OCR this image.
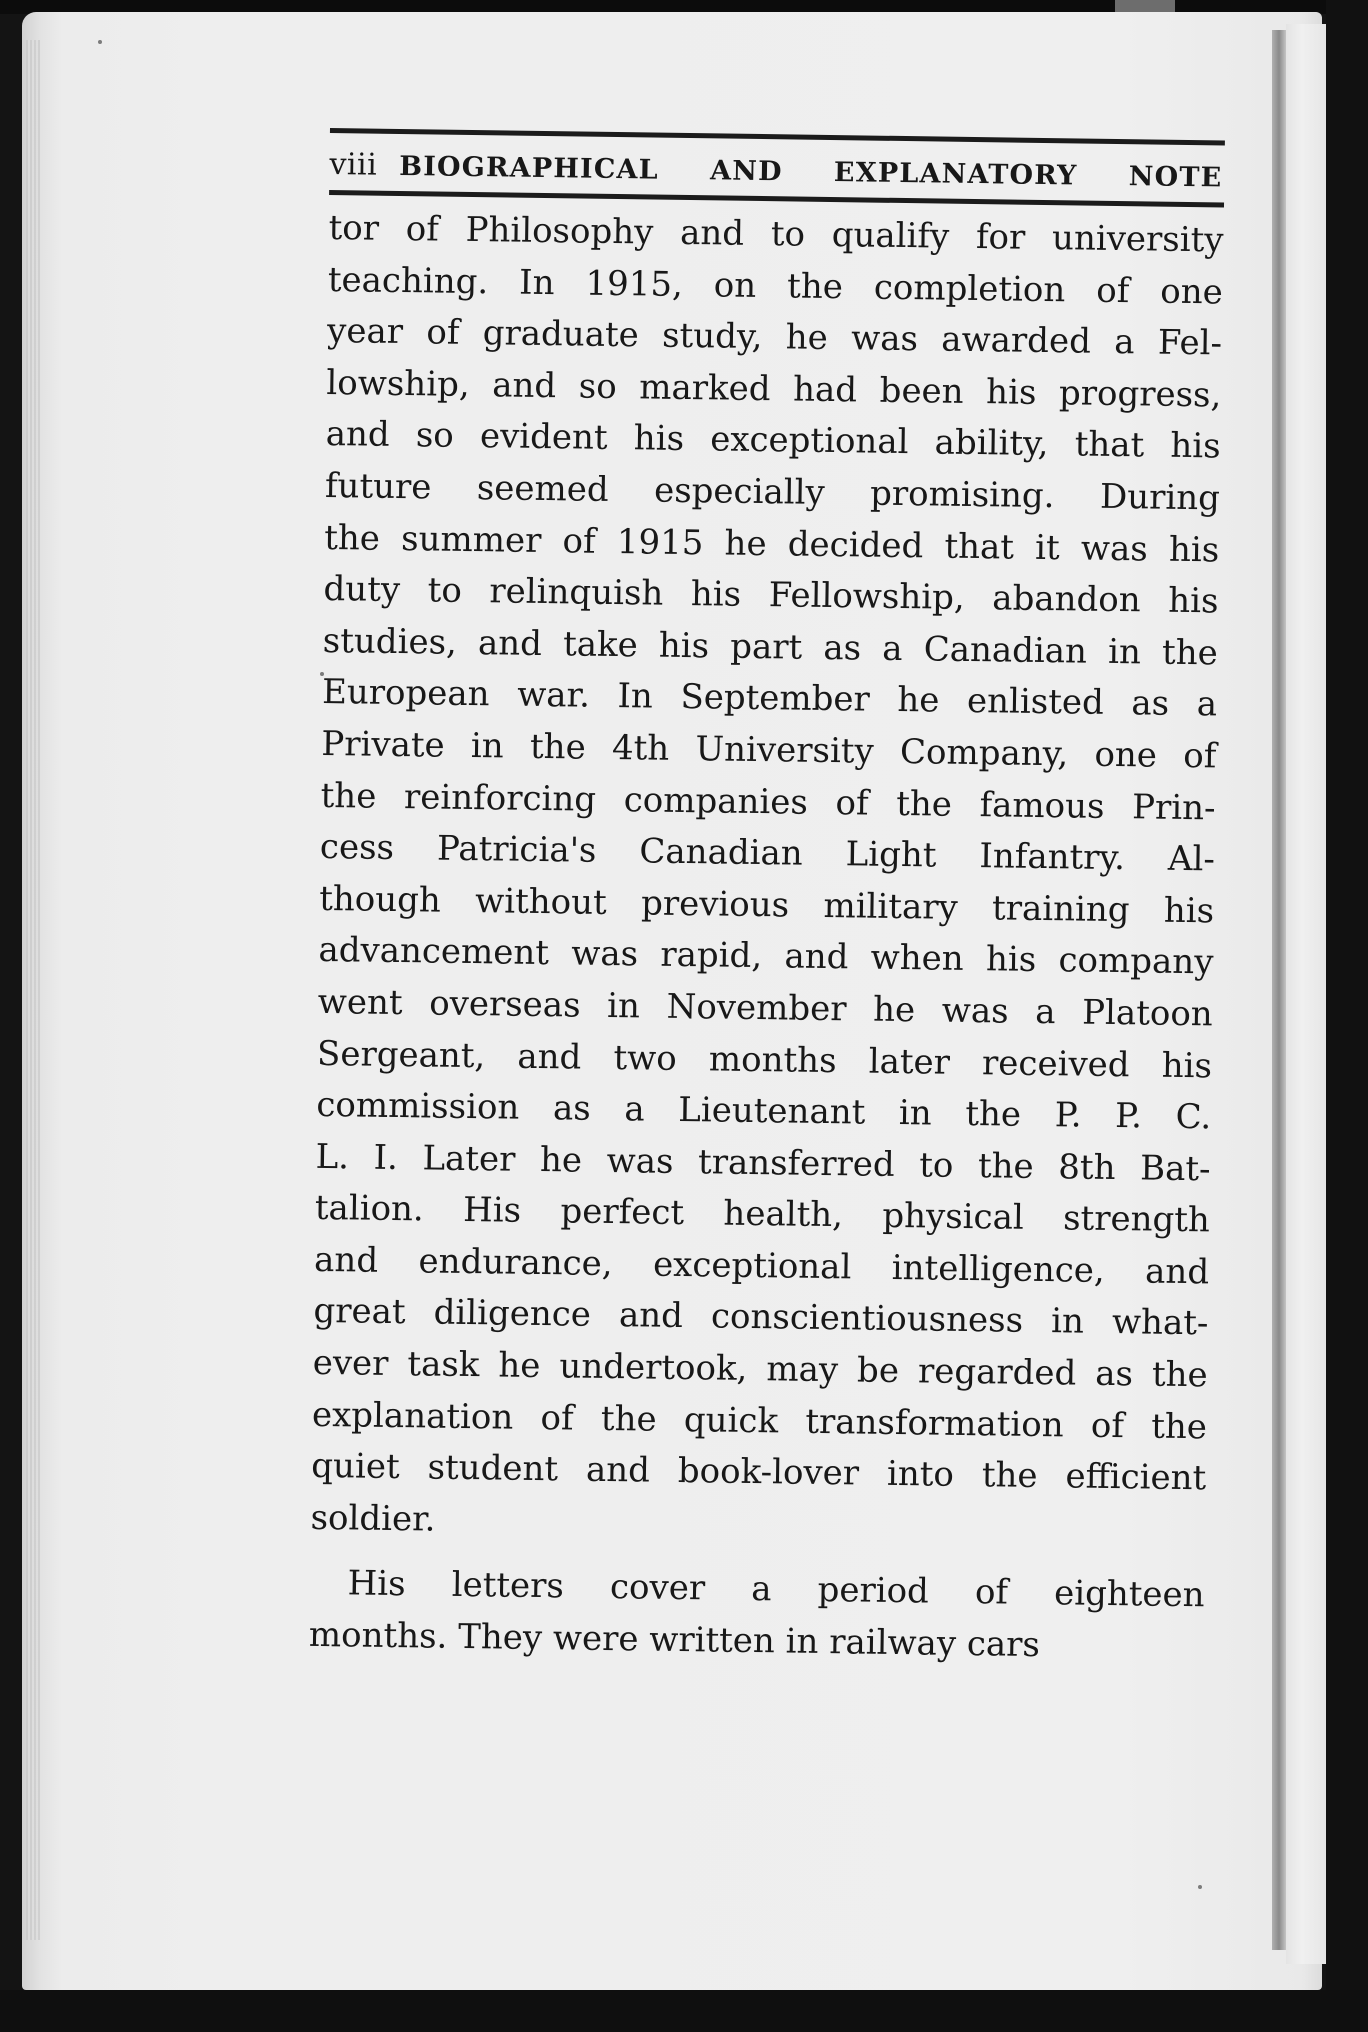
viii BIOGRAPHICAL AND EXPLANATORY NOTE
tor of Philosophy and to qualify for university
teaching. In 1915, on the completion of one
year of graduate study, he was awarded a Fel-
lowship, and so marked had been his progress,
and so evident his exceptional ability, that his
future seemed especially promising. During
the summer of 1915 he decided that it was his
duty to relinquish his Fellowship, abandon his
studies, and take his part as a Canadian in the
European war. In September he enlisted as a
Private in the 4th University Company, one of
the reinforcing companies of the famous Prin-
cess Patricia's Canadian Light Infantry. Al-
though without previous military training his
advancement was rapid, and when his company
went overseas in November he was a Platoon
Sergeant, and two months later received his
commission as a Lieutenant in the P. P. C.
L. I. Later he was transferred to the 8th Bat-
talion. His perfect health, physical strength
and endurance, exceptional intelligence, and
great diligence and conscientiousness in what-
ever task he undertook, may be regarded as the
explanation of the quick transformation of the
quiet student and book-lover into the efficient
soldier.
His letters cover a period of eighteen
months. They were written in railway cars
